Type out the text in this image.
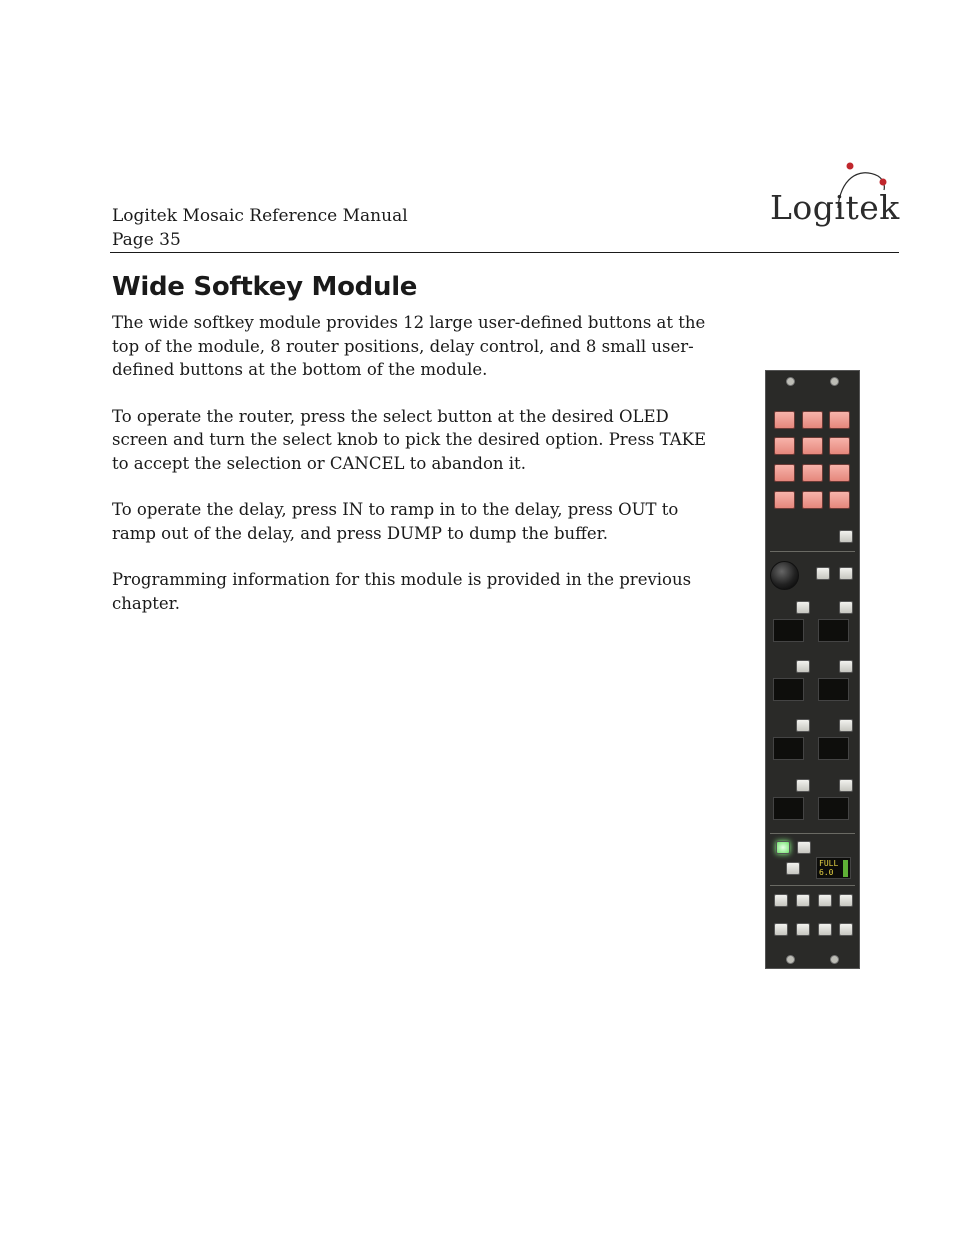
Logitek Mosaic Reference Manual
Page 35
Logitek
Wide Softkey Module

The wide softkey module provides 12 large user-defined buttons at the top of the module, 8 router positions, delay control, and 8 small user-defined buttons at the bottom of the module.

To operate the router, press the select button at the desired OLED screen and turn the select knob to pick the desired option. Press TAKE to accept the selection or CANCEL to abandon it.

To operate the delay, press IN to ramp in to the delay, press OUT to ramp out of the delay, and press DUMP to dump the buffer.

Programming information for this module is provided in the previous chapter.

FULL
6.0
